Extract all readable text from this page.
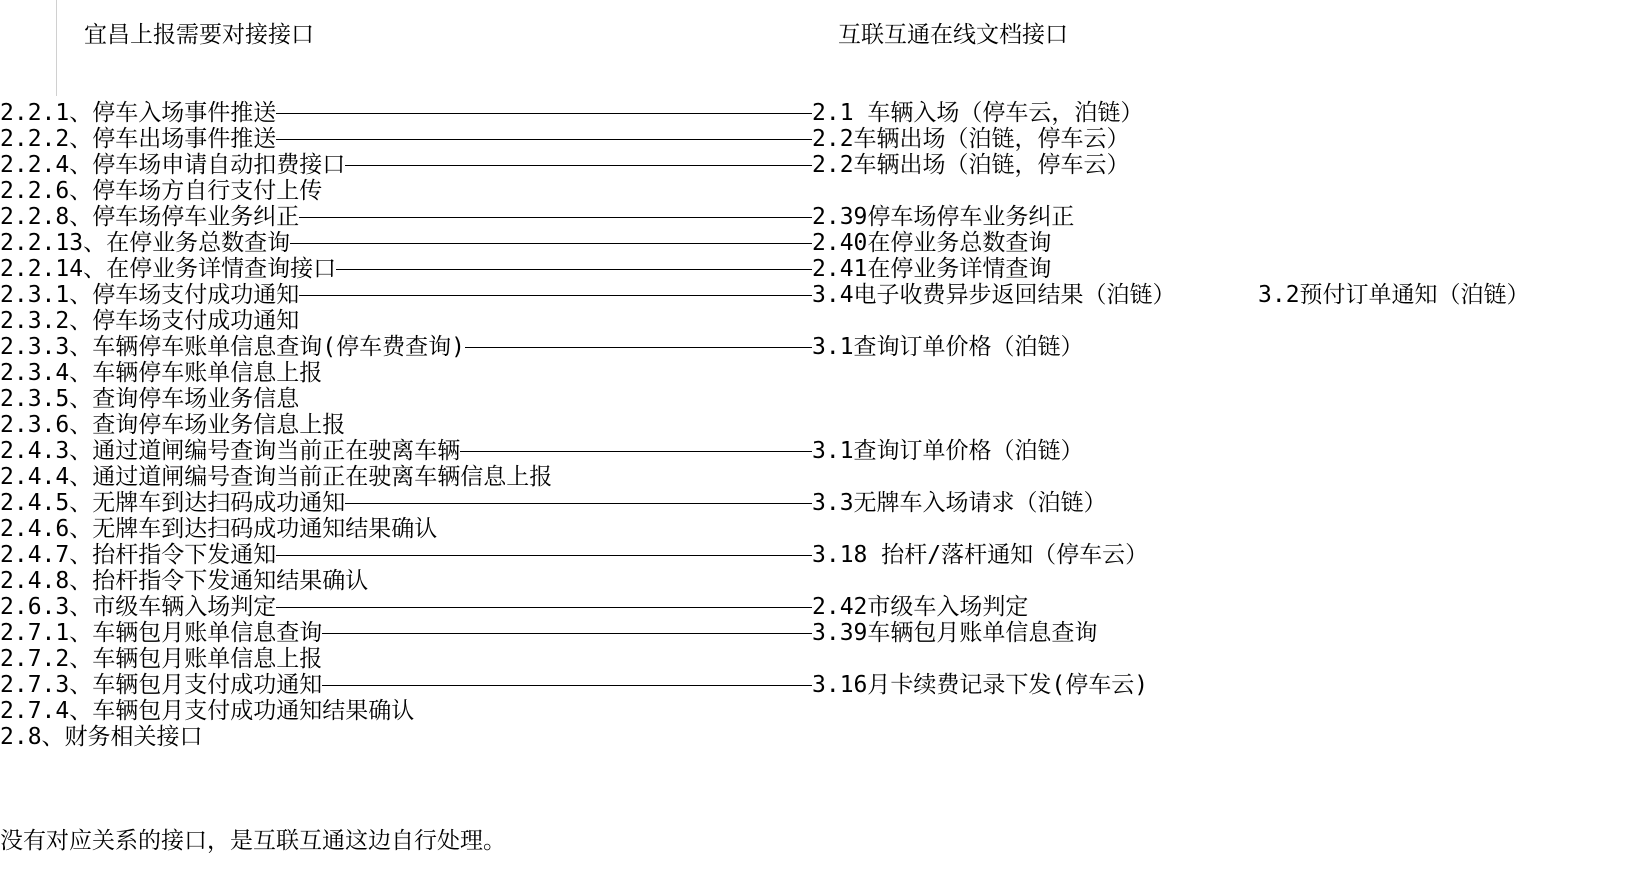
宜昌上报需要对接接口	互联互通在线文档接口
2.2.1、停车入场事件推送	2.1 车辆入场（停车云，泊链）
2.2.2、停车出场事件推送	2.2车辆出场（泊链，停车云）
2.2.4、停车场申请自动扣费接口	2.2车辆出场（泊链，停车云）
2.2.6、停车场方自行支付上传
2.2.8、停车场停车业务纠正	2.39停车场停车业务纠正
2.2.13、在停业务总数查询	2.40在停业务总数查询
2.2.14、在停业务详情查询接口	2.41在停业务详情查询
2.3.1、停车场支付成功通知	3.4电子收费异步返回结果（泊链）	3.2预付订单通知（泊链）
2.3.2、停车场支付成功通知
2.3.3、车辆停车账单信息查询(停车费查询)	3.1查询订单价格（泊链）
2.3.4、车辆停车账单信息上报
2.3.5、查询停车场业务信息
2.3.6、查询停车场业务信息上报
2.4.3、通过道闸编号查询当前正在驶离车辆	3.1查询订单价格（泊链）
2.4.4、通过道闸编号查询当前正在驶离车辆信息上报
2.4.5、无牌车到达扫码成功通知	3.3无牌车入场请求（泊链）
2.4.6、无牌车到达扫码成功通知结果确认
2.4.7、抬杆指令下发通知	3.18 抬杆/落杆通知（停车云）
2.4.8、抬杆指令下发通知结果确认
2.6.3、市级车辆入场判定	2.42市级车入场判定
2.7.1、车辆包月账单信息查询	3.39车辆包月账单信息查询
2.7.2、车辆包月账单信息上报
2.7.3、车辆包月支付成功通知	3.16月卡续费记录下发(停车云)
2.7.4、车辆包月支付成功通知结果确认
2.8、财务相关接口
没有对应关系的接口，是互联互通这边自行处理。
